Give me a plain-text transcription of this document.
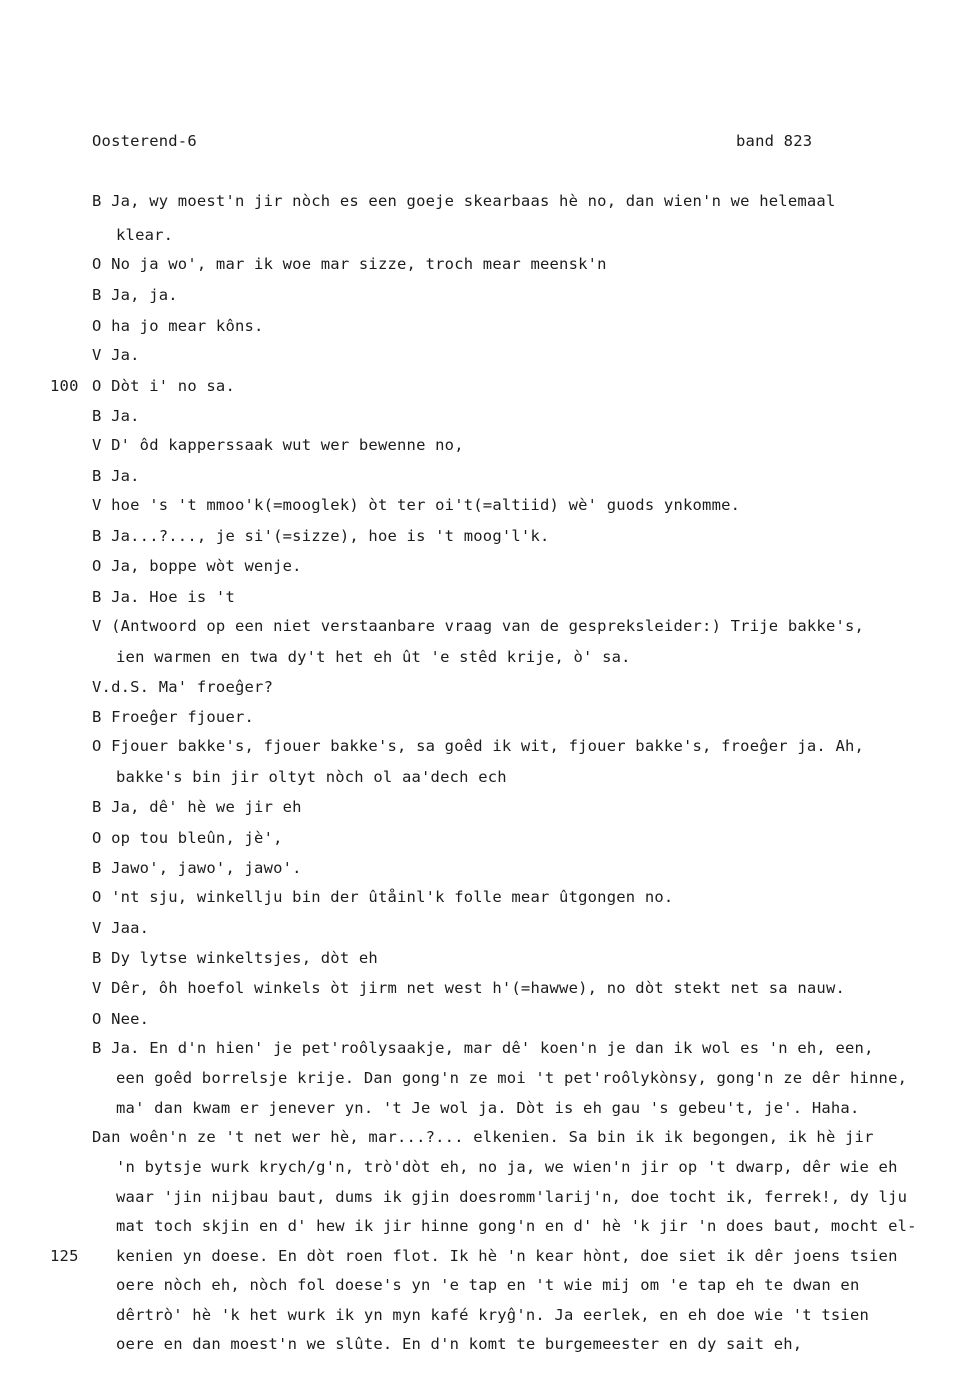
Oosterend-6	band 823
100
125
B Ja, wy moest'n jir nòch es een goeje skearbaas hè no, dan wien'n we helemaal
klear.
O No ja wo', mar ik woe mar sizze, troch mear meensk'n
B Ja, ja.
O ha jo mear kôns.
V Ja.
O Dòt i' no sa.
B Ja.
V D' ôd kapperssaak wut wer bewenne no,
B Ja.
V hoe 's 't mmoo'k(=mooglek) òt ter oi't(=altiid) wè' guods ynkomme.
B Ja...?..., je si'(=sizze), hoe is 't moog'l'k.
O Ja, boppe wòt wenje.
B Ja. Hoe is 't
V (Antwoord op een niet verstaanbare vraag van de gespreksleider:) Trije bakke's,
ien warmen en twa dy't het eh ût 'e stêd krije, ò' sa.
V.d.S. Ma' froeĝer?
B Froeĝer fjouer.
O Fjouer bakke's, fjouer bakke's, sa goêd ik wit, fjouer bakke's, froeĝer ja. Ah,
bakke's bin jir oltyt nòch ol aa'dech ech
B Ja, dê' hè we jir eh
O op tou bleûn, jè',
B Jawo', jawo', jawo'.
O 'nt sju, winkellju bin der ûtåinl'k folle mear ûtgongen no.
V Jaa.
B Dy lytse winkeltsjes, dòt eh
V Dêr, ôh hoefol winkels òt jirm net west h'(=hawwe), no dòt stekt net sa nauw.
O Nee.
B Ja. En d'n hien' je pet'roôlysaakje, mar dê' koen'n je dan ik wol es 'n eh, een,
een goêd borrelsje krije. Dan gong'n ze moi 't pet'roôlykònsy, gong'n ze dêr hinne,
ma' dan kwam er jenever yn. 't Je wol ja. Dòt is eh gau 's gebeu't, je'. Haha.
Dan woên'n ze 't net wer hè, mar...?... elkenien. Sa bin ik ik begongen, ik hè jir
'n bytsje wurk krych/g'n, trò'dòt eh, no ja, we wien'n jir op 't dwarp, dêr wie eh
waar 'jin nijbau baut, dums ik gjin doesromm'larij'n, doe tocht ik, ferrek!, dy lju
mat toch skjin en d' hew ik jir hinne gong'n en d' hè 'k jir 'n does baut, mocht el-
kenien yn doese. En dòt roen flot. Ik hè 'n kear hònt, doe siet ik dêr joens tsien
oere nòch eh, nòch fol doese's yn 'e tap en 't wie mij om 'e tap eh te dwan en
dêrtrò' hè 'k het wurk ik yn myn kafé kryĝ'n. Ja eerlek, en eh doe wie 't tsien
oere en dan moest'n we slûte. En d'n komt te burgemeester en dy sait eh,
